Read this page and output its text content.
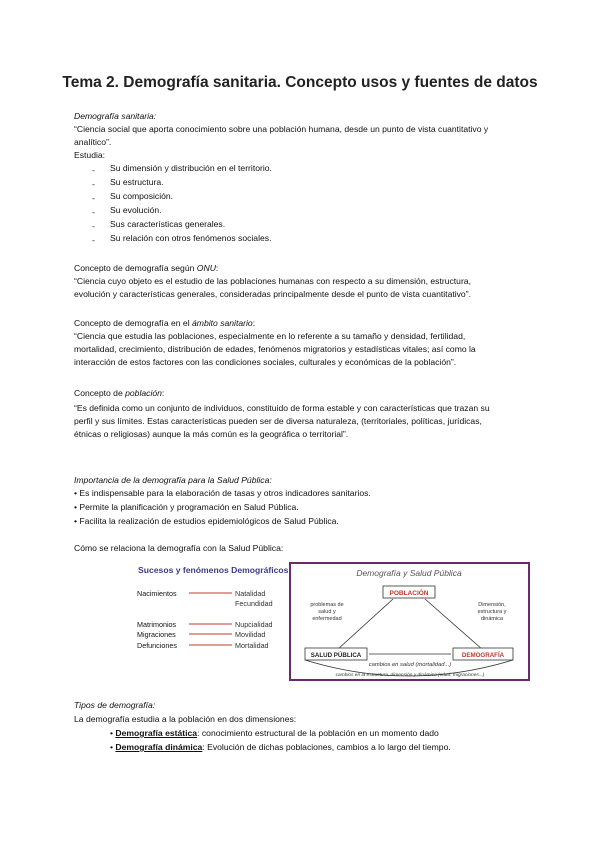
Tema 2. Demografía sanitaria. Concepto usos y fuentes de datos
Demografía sanitaria:
“Ciencia social que aporta conocimiento sobre una población humana, desde un punto de vista cuantitativo y
analítico”.
Estudia:
- Su dimensión y distribución en el territorio.
- Su estructura.
- Su composición.
- Su evolución.
- Sus características generales.
- Su relación con otros fenómenos sociales.
Concepto de demografía según ONU:
“Ciencia cuyo objeto es el estudio de las poblaciones humanas con respecto a su dimensión, estructura,
evolución y características generales, consideradas principalmente desde el punto de vista cuantitativo”.
Concepto de demografía en el ámbito sanitario:
“Ciencia que estudia las poblaciones, especialmente en lo referente a su tamaño y densidad, fertilidad,
mortalidad, crecimiento, distribución de edades, fenómenos migratorios y estadísticas vitales; así como la
interacción de estos factores con las condiciones sociales, culturales y económicas de la población”.
Concepto de población:
“Es definida como un conjunto de individuos, constituido de forma estable y con características que trazan su
perfil y sus límites. Estas características pueden ser de diversa naturaleza, (territoriales, políticas, jurídicas,
étnicas o religiosas) aunque la más común es la geográfica o territorial”.
Importancia de la demografía para la Salud Pública:
• Es indispensable para la elaboración de tasas y otros indicadores sanitarios.
• Permite la planificación y programación en Salud Pública.
• Facilita la realización de estudios epidemiológicos de Salud Pública.
Cómo se relaciona la demografía con la Salud Pública:
Sucesos y fenómenos Demográficos
Nacimientos	Natalidad
Fecundidad
Matrimonios	Nupcialidad
Defunciones	Mortalidad
Migraciones	Movilidad
Demografía y Salud Pública
POBLACIÓN
problemas de
salud y
enfermedad
Dimensión,
estructura y
dinámica
SALUD PÚBLICA	DEMOGRAFÍA
cambios en salud (mortalidad...)
cambios en la estructura, dimensión y dinámica (edad, migraciones...)
Tipos de demografía:
La demografía estudia a la población en dos dimensiones:
• Demografía estática: conocimiento estructural de la población en un momento dado
• Demografía dinámica: Evolución de dichas poblaciones, cambios a lo largo del tiempo.
